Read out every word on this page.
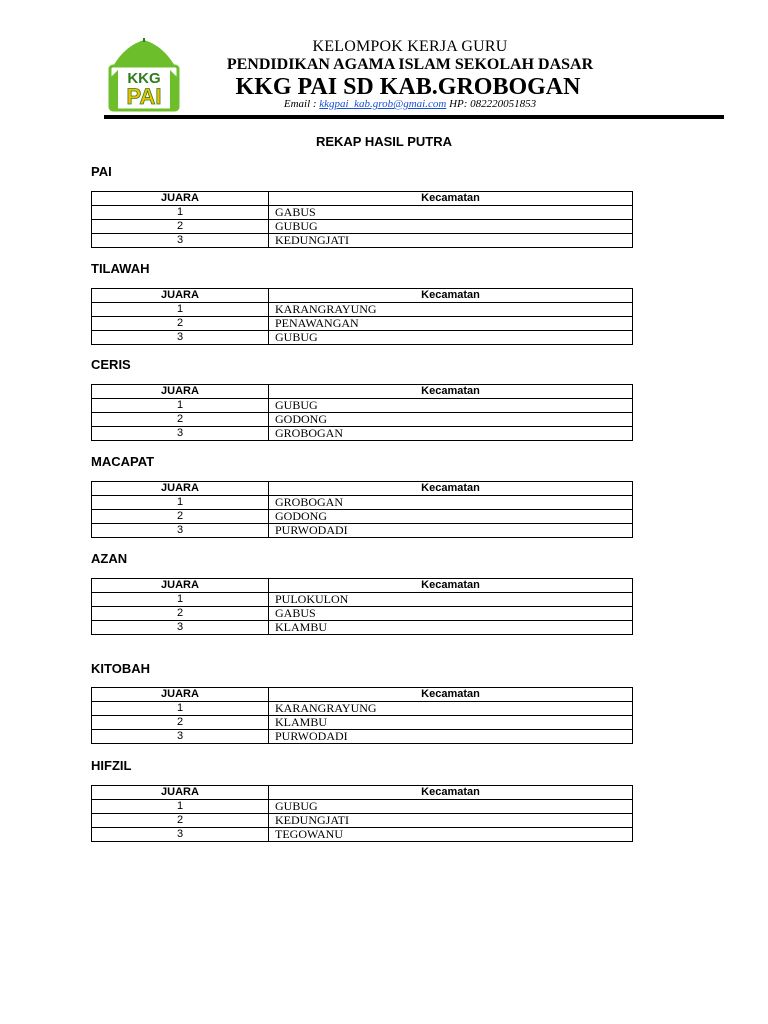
KKG
PAI
KELOMPOK KERJA GURU
PENDIDIKAN AGAMA ISLAM SEKOLAH DASAR
KKG PAI SD KAB.GROBOGAN
Email : kkgpai_kab.grob@gmai.com HP: 082220051853
REKAP HASIL PUTRA
PAI
JUARA	Kecamatan
1	GABUS
2	GUBUG
3	KEDUNGJATI
TILAWAH
JUARA	Kecamatan
1	KARANGRAYUNG
2	PENAWANGAN
3	GUBUG
CERIS
JUARA	Kecamatan
1	GUBUG
2	GODONG
3	GROBOGAN
MACAPAT
JUARA	Kecamatan
1	GROBOGAN
2	GODONG
3	PURWODADI
AZAN
JUARA	Kecamatan
1	PULOKULON
2	GABUS
3	KLAMBU
KITOBAH
JUARA	Kecamatan
1	KARANGRAYUNG
2	KLAMBU
3	PURWODADI
HIFZIL
JUARA	Kecamatan
1	GUBUG
2	KEDUNGJATI
3	TEGOWANU
